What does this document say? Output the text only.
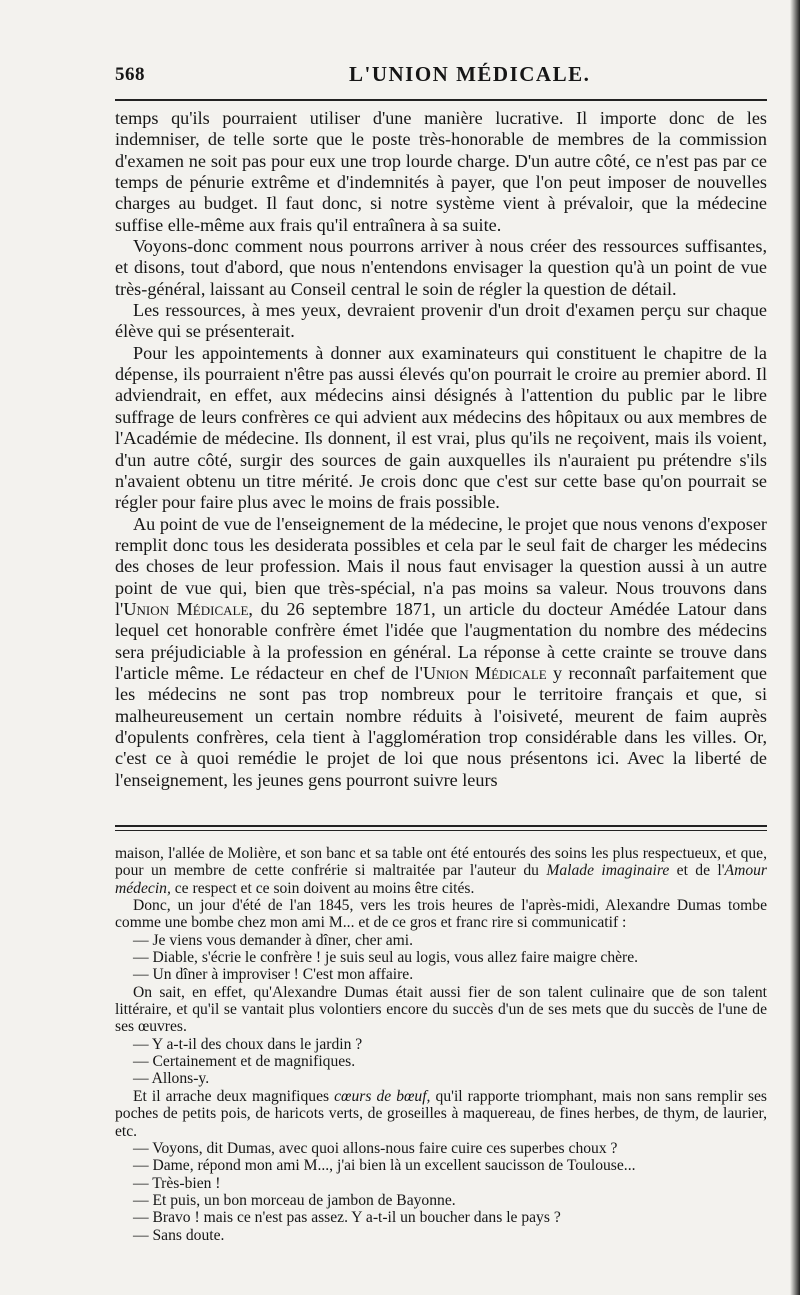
568	L'UNION MÉDICALE.

temps qu'ils pourraient utiliser d'une manière lucrative. Il importe donc de les indemniser, de telle sorte que le poste très-honorable de membres de la commission d'examen ne soit pas pour eux une trop lourde charge. D'un autre côté, ce n'est pas par ce temps de pénurie extrême et d'indemnités à payer, que l'on peut imposer de nouvelles charges au budget. Il faut donc, si notre système vient à prévaloir, que la médecine suffise elle-même aux frais qu'il entraînera à sa suite.

Voyons-donc comment nous pourrons arriver à nous créer des ressources suffisantes, et disons, tout d'abord, que nous n'entendons envisager la question qu'à un point de vue très-général, laissant au Conseil central le soin de régler la question de détail.

Les ressources, à mes yeux, devraient provenir d'un droit d'examen perçu sur chaque élève qui se présenterait.

Pour les appointements à donner aux examinateurs qui constituent le chapitre de la dépense, ils pourraient n'être pas aussi élevés qu'on pourrait le croire au premier abord. Il adviendrait, en effet, aux médecins ainsi désignés à l'attention du public par le libre suffrage de leurs confrères ce qui advient aux médecins des hôpitaux ou aux membres de l'Académie de médecine. Ils donnent, il est vrai, plus qu'ils ne reçoivent, mais ils voient, d'un autre côté, surgir des sources de gain auxquelles ils n'auraient pu prétendre s'ils n'avaient obtenu un titre mérité. Je crois donc que c'est sur cette base qu'on pourrait se régler pour faire plus avec le moins de frais possible.

Au point de vue de l'enseignement de la médecine, le projet que nous venons d'exposer remplit donc tous les desiderata possibles et cela par le seul fait de charger les médecins des choses de leur profession. Mais il nous faut envisager la question aussi à un autre point de vue qui, bien que très-spécial, n'a pas moins sa valeur. Nous trouvons dans l'Union Médicale, du 26 septembre 1871, un article du docteur Amédée Latour dans lequel cet honorable confrère émet l'idée que l'augmentation du nombre des médecins sera préjudiciable à la profession en général. La réponse à cette crainte se trouve dans l'article même. Le rédacteur en chef de l'Union Médicale y reconnaît parfaitement que les médecins ne sont pas trop nombreux pour le territoire français et que, si malheureusement un certain nombre réduits à l'oisiveté, meurent de faim auprès d'opulents confrères, cela tient à l'agglomération trop considérable dans les villes. Or, c'est ce à quoi remédie le projet de loi que nous présentons ici. Avec la liberté de l'enseignement, les jeunes gens pourront suivre leurs

maison, l'allée de Molière, et son banc et sa table ont été entourés des soins les plus respectueux, et que, pour un membre de cette confrérie si maltraitée par l'auteur du Malade imaginaire et de l'Amour médecin, ce respect et ce soin doivent au moins être cités.

Donc, un jour d'été de l'an 1845, vers les trois heures de l'après-midi, Alexandre Dumas tombe comme une bombe chez mon ami M... et de ce gros et franc rire si communicatif :

— Je viens vous demander à dîner, cher ami.

— Diable, s'écrie le confrère ! je suis seul au logis, vous allez faire maigre chère.

— Un dîner à improviser ! C'est mon affaire.

On sait, en effet, qu'Alexandre Dumas était aussi fier de son talent culinaire que de son talent littéraire, et qu'il se vantait plus volontiers encore du succès d'un de ses mets que du succès de l'une de ses œuvres.

— Y a-t-il des choux dans le jardin ?

— Certainement et de magnifiques.

— Allons-y.

Et il arrache deux magnifiques cœurs de bœuf, qu'il rapporte triomphant, mais non sans remplir ses poches de petits pois, de haricots verts, de groseilles à maquereau, de fines herbes, de thym, de laurier, etc.

— Voyons, dit Dumas, avec quoi allons-nous faire cuire ces superbes choux ?

— Dame, répond mon ami M..., j'ai bien là un excellent saucisson de Toulouse...

— Très-bien !

— Et puis, un bon morceau de jambon de Bayonne.

— Bravo ! mais ce n'est pas assez. Y a-t-il un boucher dans le pays ?

— Sans doute.
